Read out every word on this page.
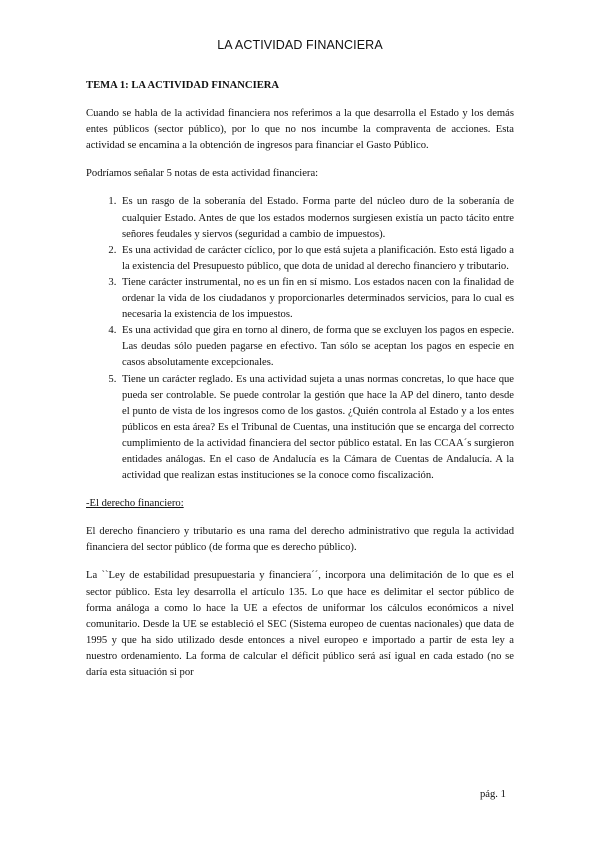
LA ACTIVIDAD FINANCIERA
TEMA 1: LA ACTIVIDAD FINANCIERA

Cuando se habla de la actividad financiera nos referimos a la que desarrolla el Estado y los demás entes públicos (sector público), por lo que no nos incumbe la compraventa de acciones. Esta actividad se encamina a la obtención de ingresos para financiar el Gasto Público.

Podríamos señalar 5 notas de esta actividad financiera:

1. Es un rasgo de la soberanía del Estado. Forma parte del núcleo duro de la soberanía de cualquier Estado. Antes de que los estados modernos surgiesen existía un pacto tácito entre señores feudales y siervos (seguridad a cambio de impuestos).
2. Es una actividad de carácter cíclico, por lo que está sujeta a planificación. Esto está ligado a la existencia del Presupuesto público, que dota de unidad al derecho financiero y tributario.
3. Tiene carácter instrumental, no es un fin en sí mismo. Los estados nacen con la finalidad de ordenar la vida de los ciudadanos y proporcionarles determinados servicios, para lo cual es necesaria la existencia de los impuestos.
4. Es una actividad que gira en torno al dinero, de forma que se excluyen los pagos en especie. Las deudas sólo pueden pagarse en efectivo. Tan sólo se aceptan los pagos en especie en casos absolutamente excepcionales.
5. Tiene un carácter reglado. Es una actividad sujeta a unas normas concretas, lo que hace que pueda ser controlable. Se puede controlar la gestión que hace la AP del dinero, tanto desde el punto de vista de los ingresos como de los gastos. ¿Quién controla al Estado y a los entes públicos en esta área? Es el Tribunal de Cuentas, una institución que se encarga del correcto cumplimiento de la actividad financiera del sector público estatal. En las CCAA´s surgieron entidades análogas. En el caso de Andalucía es la Cámara de Cuentas de Andalucía. A la actividad que realizan estas instituciones se la conoce como fiscalización.
-El derecho financiero:

El derecho financiero y tributario es una rama del derecho administrativo que regula la actividad financiera del sector público (de forma que es derecho público).

La ``Ley de estabilidad presupuestaria y financiera´´, incorpora una delimitación de lo que es el sector público. Esta ley desarrolla el artículo 135. Lo que hace es delimitar el sector público de forma análoga a como lo hace la UE a efectos de uniformar los cálculos económicos a nivel comunitario. Desde la UE se estableció el SEC (Sistema europeo de cuentas nacionales) que data de 1995 y que ha sido utilizado desde entonces a nivel europeo e importado a partir de esta ley a nuestro ordenamiento. La forma de calcular el déficit público será así igual en cada estado (no se daría esta situación si por

pág. 1
